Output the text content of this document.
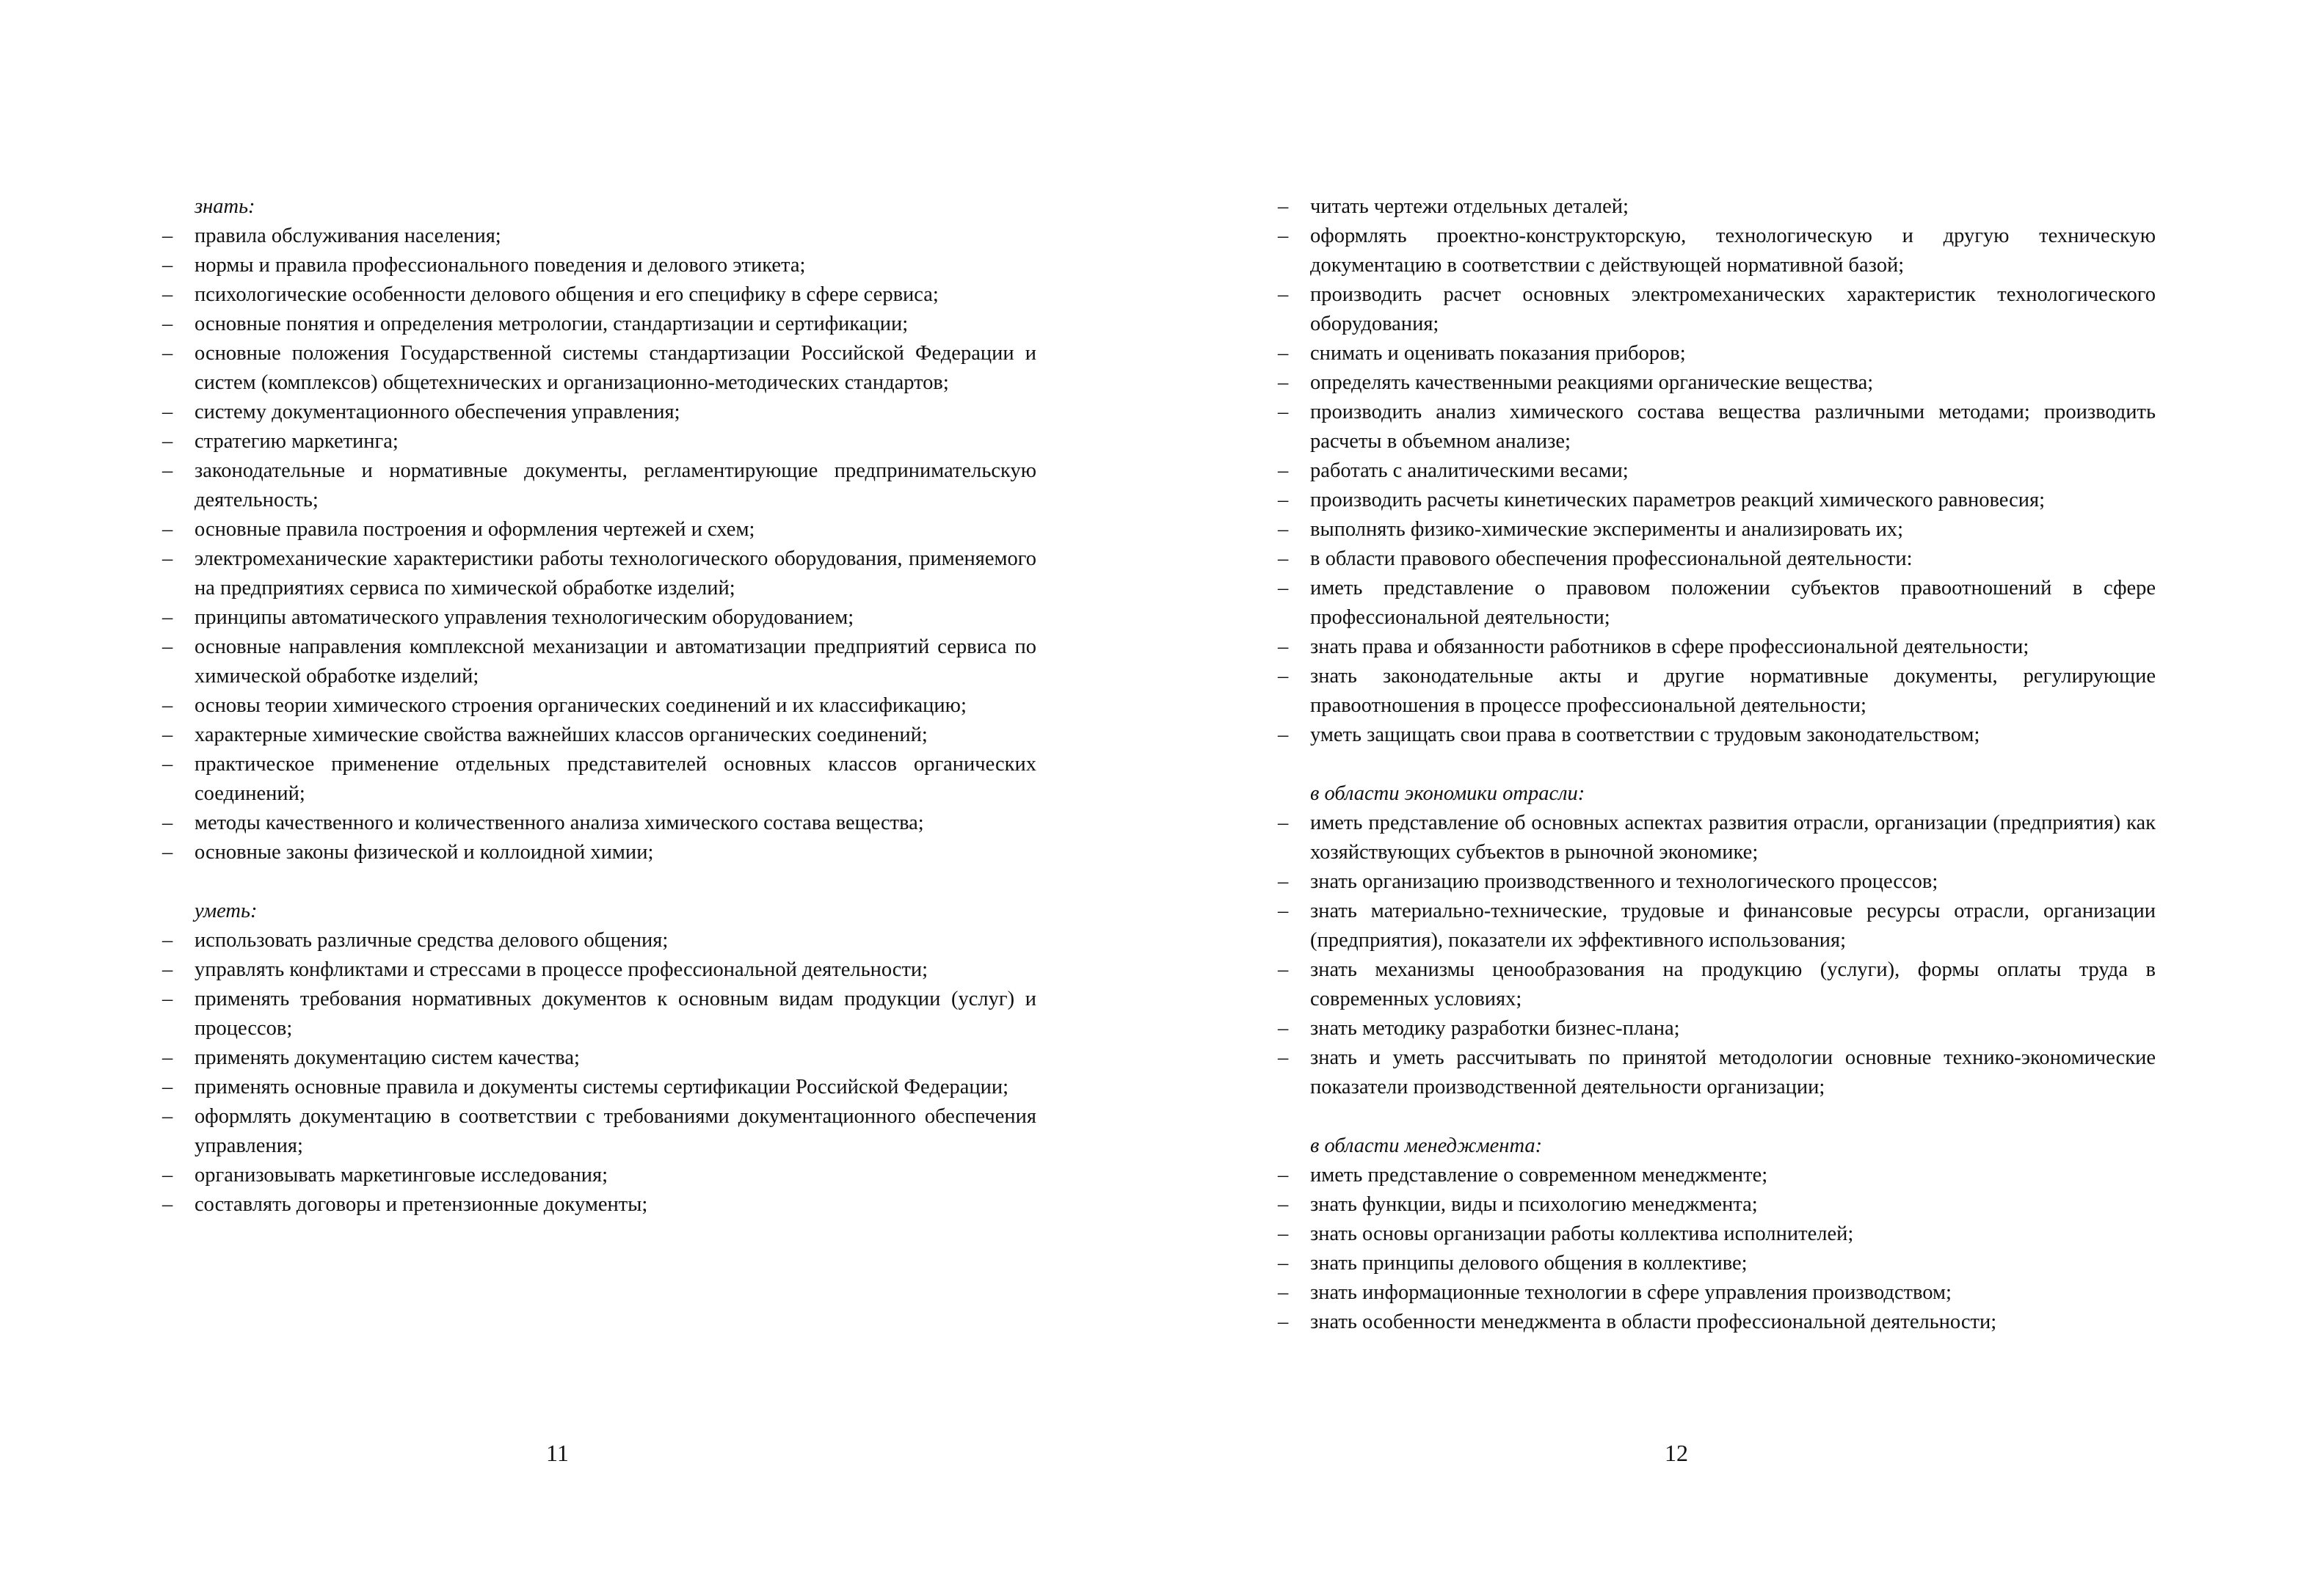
знать:
– правила обслуживания населения;
– нормы и правила профессионального поведения и делового этикета;
– психологические особенности делового общения и его специфику в сфере сервиса;
– основные понятия и определения метрологии, стандартизации и сертификации;
– основные положения Государственной системы стандартизации Российской Федерации и систем (комплексов) общетехнических и организационно-методических стандартов;
– систему документационного обеспечения управления;
– стратегию маркетинга;
– законодательные и нормативные документы, регламентирующие предпринимательскую деятельность;
– основные правила построения и оформления чертежей и схем;
– электромеханические характеристики работы технологического оборудования, применяемого на предприятиях сервиса по химической обработке изделий;
– принципы автоматического управления технологическим оборудованием;
– основные направления комплексной механизации и автоматизации предприятий сервиса по химической обработке изделий;
– основы теории химического строения органических соединений и их классификацию;
– характерные химические свойства важнейших классов органических соединений;
– практическое применение отдельных представителей основных классов органических соединений;
– методы качественного и количественного анализа химического состава вещества;
– основные законы физической и коллоидной химии;
уметь:
– использовать различные средства делового общения;
– управлять конфликтами и стрессами в процессе профессиональной деятельности;
– применять требования нормативных документов к основным видам продукции (услуг) и процессов;
– применять документацию систем качества;
– применять основные правила и документы системы сертификации Российской Федерации;
– оформлять документацию в соответствии с требованиями документационного обеспечения управления;
– организовывать маркетинговые исследования;
– составлять договоры и претензионные документы;
11
– читать чертежи отдельных деталей;
– оформлять проектно-конструкторскую, технологическую и другую техническую документацию в соответствии с действующей нормативной базой;
– производить расчет основных электромеханических характеристик технологического оборудования;
– снимать и оценивать показания приборов;
– определять качественными реакциями органические вещества;
– производить анализ химического состава вещества различными методами; производить расчеты в объемном анализе;
– работать с аналитическими весами;
– производить расчеты кинетических параметров реакций химического равновесия;
– выполнять физико-химические эксперименты и анализировать их;
– в области правового обеспечения профессиональной деятельности:
– иметь представление о правовом положении субъектов правоотношений в сфере профессиональной деятельности;
– знать права и обязанности работников в сфере профессиональной деятельности;
– знать законодательные акты и другие нормативные документы, регулирующие правоотношения в процессе профессиональной деятельности;
– уметь защищать свои права в соответствии с трудовым законодательством;
в области экономики отрасли:
– иметь представление об основных аспектах развития отрасли, организации (предприятия) как хозяйствующих субъектов в рыночной экономике;
– знать организацию производственного и технологического процессов;
– знать материально-технические, трудовые и финансовые ресурсы отрасли, организации (предприятия), показатели их эффективного использования;
– знать механизмы ценообразования на продукцию (услуги), формы оплаты труда в современных условиях;
– знать методику разработки бизнес-плана;
– знать и уметь рассчитывать по принятой методологии основные технико-экономические показатели производственной деятельности организации;
в области менеджмента:
– иметь представление о современном менеджменте;
– знать функции, виды и психологию менеджмента;
– знать основы организации работы коллектива исполнителей;
– знать принципы делового общения в коллективе;
– знать информационные технологии в сфере управления производством;
– знать особенности менеджмента в области профессиональной деятельности;
12
